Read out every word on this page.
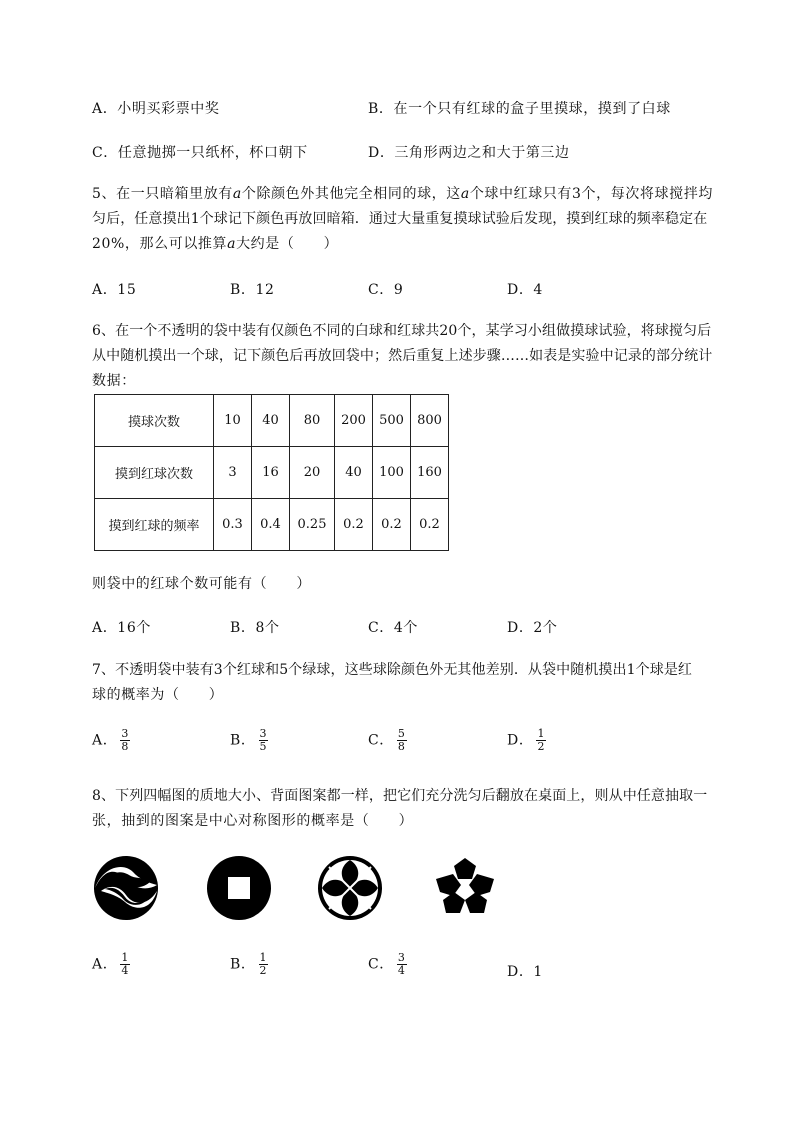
A．小明买彩票中奖	B．在一个只有红球的盒子里摸球，摸到了白球
C．任意抛掷一只纸杯，杯口朝下	D．三角形两边之和大于第三边
5、在一只暗箱里放有a个除颜色外其他完全相同的球，这a个球中红球只有3个，每次将球搅拌均
匀后，任意摸出1个球记下颜色再放回暗箱．通过大量重复摸球试验后发现，摸到红球的频率稳定在
20%，那么可以推算a大约是（　　）
A．15	B．12	C．9	D．4
6、在一个不透明的袋中装有仅颜色不同的白球和红球共20个，某学习小组做摸球试验，将球搅匀后
从中随机摸出一个球，记下颜色后再放回袋中；然后重复上述步骤……如表是实验中记录的部分统计
数据：
摸球次数	10	40	80	200	500	800
摸到红球次数	3	16	20	40	100	160
摸到红球的频率	0.3	0.4	0.25	0.2	0.2	0.2
则袋中的红球个数可能有（　　）
A．16个	B．8个	C．4个	D．2个
7、不透明袋中装有3个红球和5个绿球，这些球除颜色外无其他差别．从袋中随机摸出1个球是红
球的概率为（　　）
A． $\frac{3}{8}$	B． $\frac{3}{5}$	C． $\frac{5}{8}$	D． $\frac{1}{2}$
8、下列四幅图的质地大小、背面图案都一样，把它们充分洗匀后翻放在桌面上，则从中任意抽取一
张，抽到的图案是中心对称图形的概率是（　　）
A． $\frac{1}{4}$	B． $\frac{1}{2}$	C． $\frac{3}{4}$	D．1
